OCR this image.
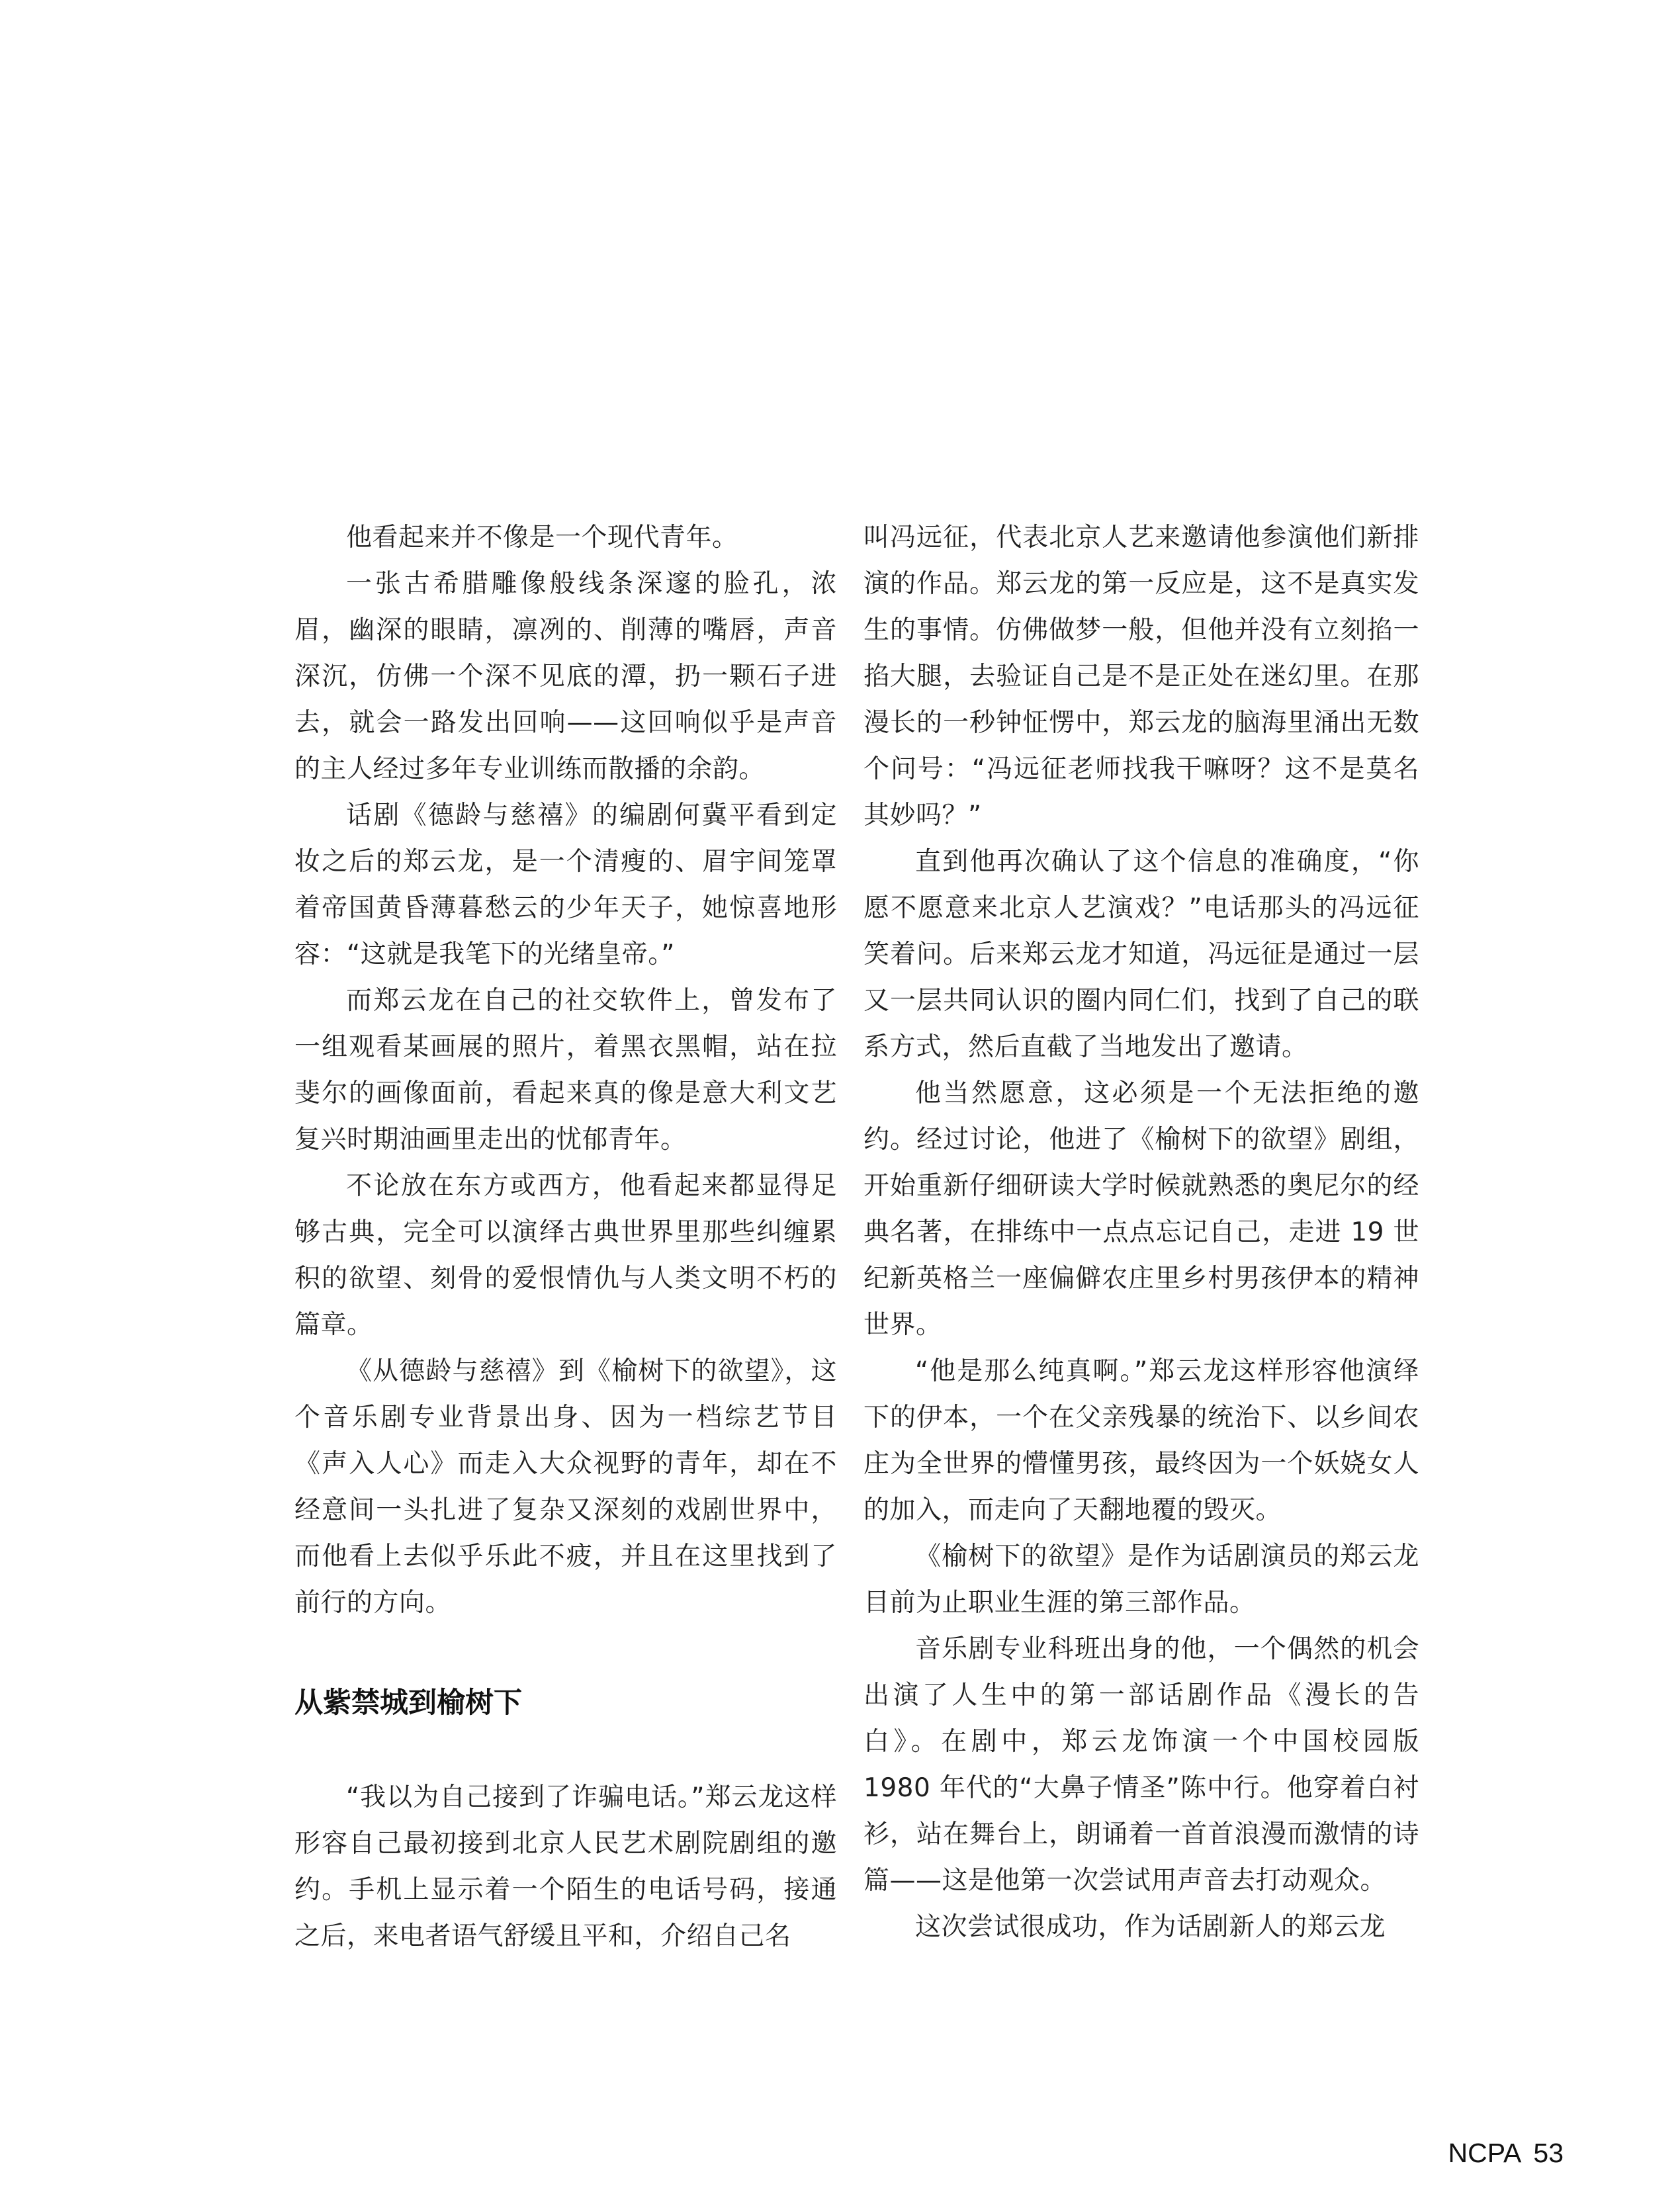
他看起来并不像是一个现代青年。

一张古希腊雕像般线条深邃的脸孔，浓眉，幽深的眼睛，凛冽的、削薄的嘴唇，声音深沉，仿佛一个深不见底的潭，扔一颗石子进去，就会一路发出回响——这回响似乎是声音的主人经过多年专业训练而散播的余韵。

话剧《德龄与慈禧》的编剧何冀平看到定妆之后的郑云龙，是一个清瘦的、眉宇间笼罩着帝国黄昏薄暮愁云的少年天子，她惊喜地形容：“这就是我笔下的光绪皇帝。”

而郑云龙在自己的社交软件上，曾发布了一组观看某画展的照片，着黑衣黑帽，站在拉斐尔的画像面前，看起来真的像是意大利文艺复兴时期油画里走出的忧郁青年。

不论放在东方或西方，他看起来都显得足够古典，完全可以演绎古典世界里那些纠缠累积的欲望、刻骨的爱恨情仇与人类文明不朽的篇章。

《从德龄与慈禧》到《榆树下的欲望》，这个音乐剧专业背景出身、因为一档综艺节目《声入人心》而走入大众视野的青年，却在不经意间一头扎进了复杂又深刻的戏剧世界中，而他看上去似乎乐此不疲，并且在这里找到了前行的方向。

从紫禁城到榆树下

“我以为自己接到了诈骗电话。”郑云龙这样形容自己最初接到北京人民艺术剧院剧组的邀约。手机上显示着一个陌生的电话号码，接通之后，来电者语气舒缓且平和，介绍自己名

叫冯远征，代表北京人艺来邀请他参演他们新排演的作品。郑云龙的第一反应是，这不是真实发生的事情。仿佛做梦一般，但他并没有立刻掐一掐大腿，去验证自己是不是正处在迷幻里。在那漫长的一秒钟怔愣中，郑云龙的脑海里涌出无数个问号：“冯远征老师找我干嘛呀？这不是莫名其妙吗？”

直到他再次确认了这个信息的准确度，“你愿不愿意来北京人艺演戏？”电话那头的冯远征笑着问。后来郑云龙才知道，冯远征是通过一层又一层共同认识的圈内同仁们，找到了自己的联系方式，然后直截了当地发出了邀请。

他当然愿意，这必须是一个无法拒绝的邀约。经过讨论，他进了《榆树下的欲望》剧组，开始重新仔细研读大学时候就熟悉的奥尼尔的经典名著，在排练中一点点忘记自己，走进 19 世纪新英格兰一座偏僻农庄里乡村男孩伊本的精神世界。

“他是那么纯真啊。”郑云龙这样形容他演绎下的伊本，一个在父亲残暴的统治下、以乡间农庄为全世界的懵懂男孩，最终因为一个妖娆女人的加入，而走向了天翻地覆的毁灭。

《榆树下的欲望》是作为话剧演员的郑云龙目前为止职业生涯的第三部作品。

音乐剧专业科班出身的他，一个偶然的机会出演了人生中的第一部话剧作品《漫长的告白》。在剧中，郑云龙饰演一个中国校园版 1980 年代的“大鼻子情圣”陈中行。他穿着白衬衫，站在舞台上，朗诵着一首首浪漫而激情的诗篇——这是他第一次尝试用声音去打动观众。

这次尝试很成功，作为话剧新人的郑云龙

NCPA 53
